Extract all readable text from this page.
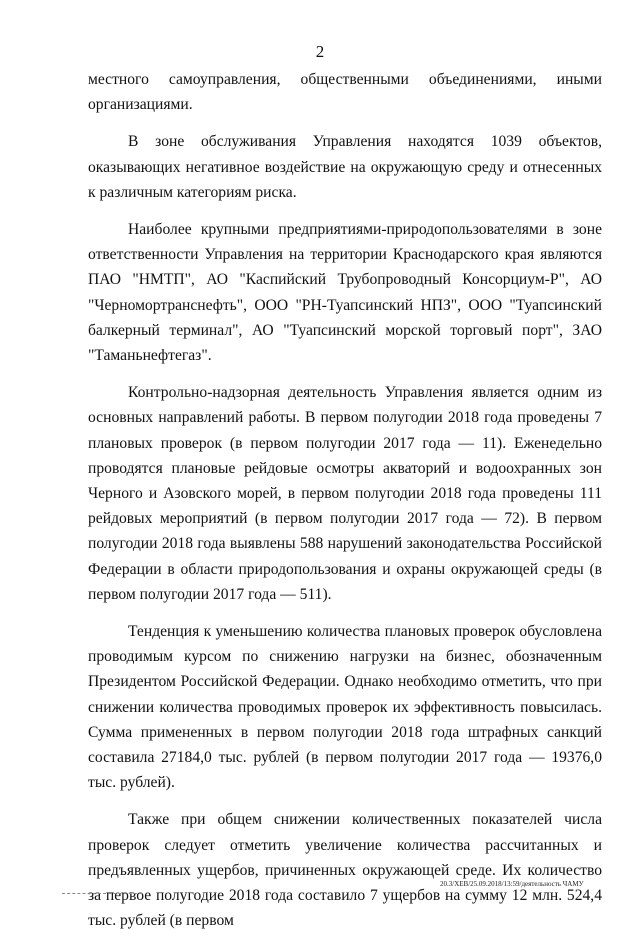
2

местного самоуправления, общественными объединениями, иными организациями.

В зоне обслуживания Управления находятся 1039 объектов, оказывающих негативное воздействие на окружающую среду и отнесенных к различным категориям риска.

Наиболее крупными предприятиями-природопользователями в зоне ответственности Управления на территории Краснодарского края являются ПАО "НМТП", АО "Каспийский Трубопроводный Консорциум-Р", АО "Черномортранснефть", ООО "РН-Туапсинский НПЗ", ООО "Туапсинский балкерный терминал", АО "Туапсинский морской торговый порт", ЗАО "Таманьнефтегаз".

Контрольно-надзорная деятельность Управления является одним из основных направлений работы. В первом полугодии 2018 года проведены 7 плановых проверок (в первом полугодии 2017 года — 11). Еженедельно проводятся плановые рейдовые осмотры акваторий и водоохранных зон Черного и Азовского морей, в первом полугодии 2018 года проведены 111 рейдовых мероприятий (в первом полугодии 2017 года — 72). В первом полугодии 2018 года выявлены 588 нарушений законодательства Российской Федерации в области природопользования и охраны окружающей среды (в первом полугодии 2017 года — 511).

Тенденция к уменьшению количества плановых проверок обусловлена проводимым курсом по снижению нагрузки на бизнес, обозначенным Президентом Российской Федерации. Однако необходимо отметить, что при снижении количества проводимых проверок их эффективность повысилась. Сумма примененных в первом полугодии 2018 года штрафных санкций составила 27184,0 тыс. рублей (в первом полугодии 2017 года — 19376,0 тыс. рублей).

Также при общем снижении количественных показателей числа проверок следует отметить увеличение количества рассчитанных и предъявленных ущербов, причиненных окружающей среде. Их количество за первое полугодие 2018 года составило 7 ущербов на сумму 12 млн. 524,4 тыс. рублей (в первом

20.3/ХЕВ/25.09.2018/13:59/деятельность ЧАМУ
